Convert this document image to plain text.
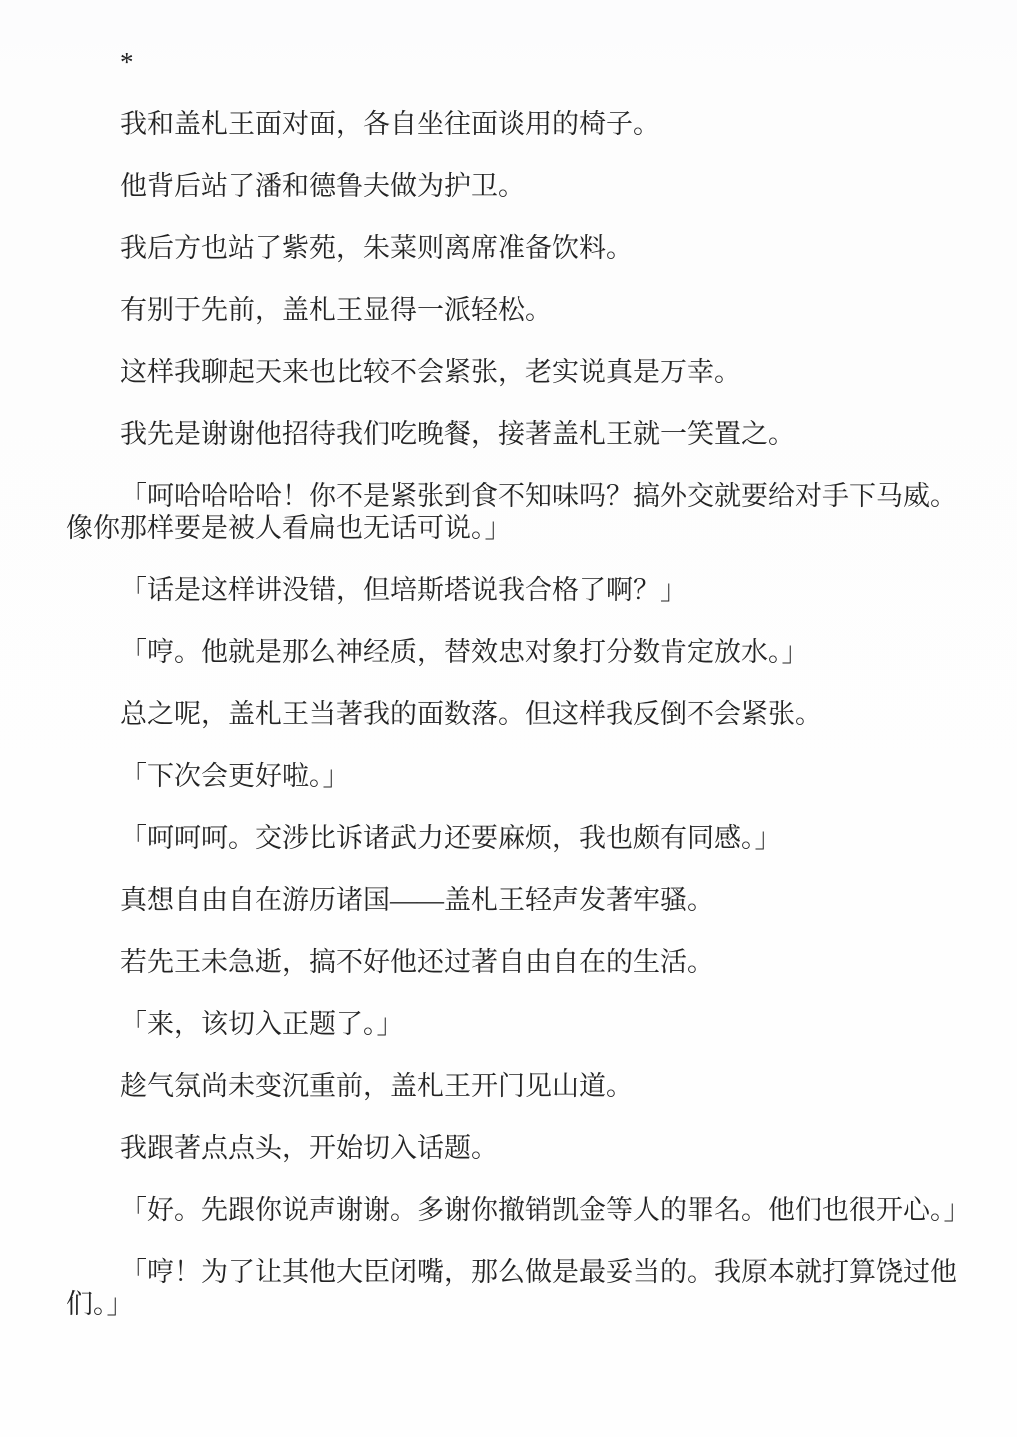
*

我和盖札王面对面，各自坐往面谈用的椅子。

他背后站了潘和德鲁夫做为护卫。

我后方也站了紫苑，朱菜则离席准备饮料。

有别于先前，盖札王显得一派轻松。

这样我聊起天来也比较不会紧张，老实说真是万幸。

我先是谢谢他招待我们吃晚餐，接著盖札王就一笑置之。

「呵哈哈哈哈！你不是紧张到食不知味吗？搞外交就要给对手下马威。像你那样要是被人看扁也无话可说。」

「话是这样讲没错，但培斯塔说我合格了啊？」

「哼。他就是那么神经质，替效忠对象打分数肯定放水。」

总之呢，盖札王当著我的面数落。但这样我反倒不会紧张。

「下次会更好啦。」

「呵呵呵。交涉比诉诸武力还要麻烦，我也颇有同感。」

真想自由自在游历诸国——盖札王轻声发著牢骚。

若先王未急逝，搞不好他还过著自由自在的生活。

「来，该切入正题了。」

趁气氛尚未变沉重前，盖札王开门见山道。

我跟著点点头，开始切入话题。

「好。先跟你说声谢谢。多谢你撤销凯金等人的罪名。他们也很开心。」

「哼！为了让其他大臣闭嘴，那么做是最妥当的。我原本就打算饶过他们。」
